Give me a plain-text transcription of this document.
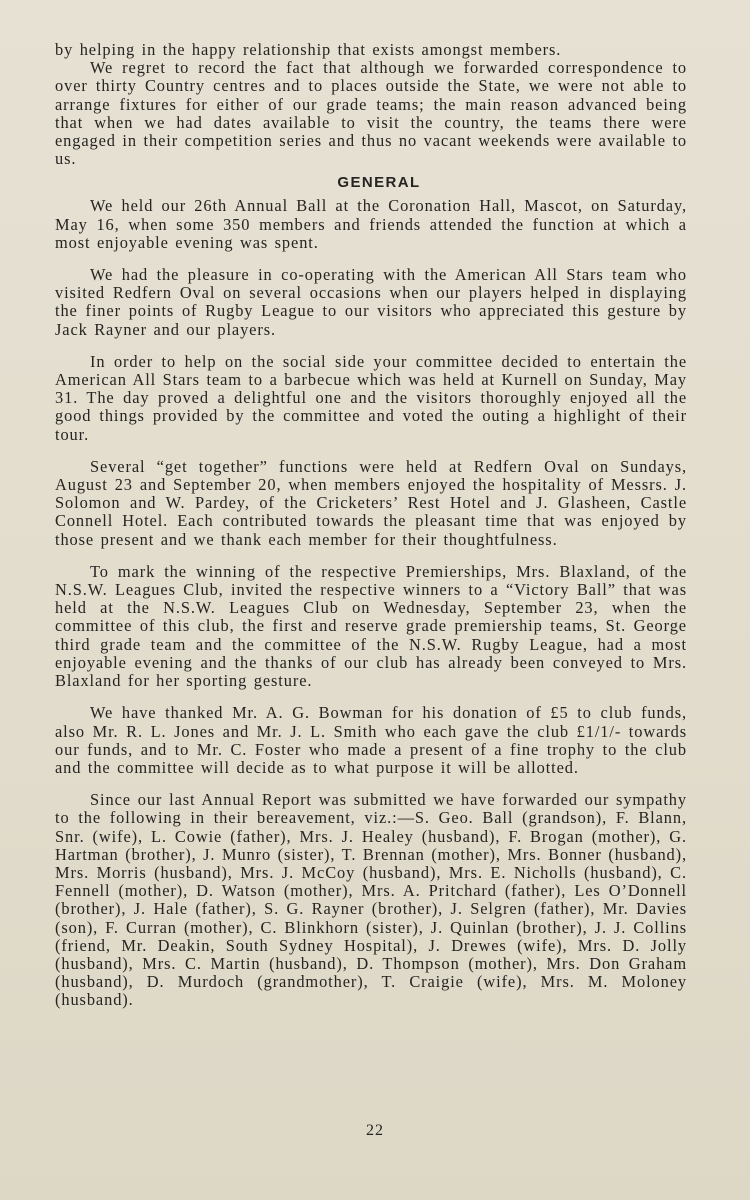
by helping in the happy relationship that exists amongst members.

We regret to record the fact that although we forwarded correspondence to over thirty Country centres and to places outside the State, we were not able to arrange fixtures for either of our grade teams; the main reason advanced being that when we had dates available to visit the country, the teams there were engaged in their competition series and thus no vacant weekends were available to us.

GENERAL

We held our 26th Annual Ball at the Coronation Hall, Mascot, on Saturday, May 16, when some 350 members and friends attended the function at which a most enjoyable evening was spent.

We had the pleasure in co-operating with the American All Stars team who visited Redfern Oval on several occasions when our players helped in displaying the finer points of Rugby League to our visitors who appreciated this gesture by Jack Rayner and our players.

In order to help on the social side your committee decided to entertain the American All Stars team to a barbecue which was held at Kurnell on Sunday, May 31. The day proved a delightful one and the visitors thoroughly enjoyed all the good things provided by the committee and voted the outing a highlight of their tour.

Several “get together” functions were held at Redfern Oval on Sundays, August 23 and September 20, when members enjoyed the hospitality of Messrs. J. Solomon and W. Pardey, of the Cricketers’ Rest Hotel and J. Glasheen, Castle Connell Hotel. Each contributed towards the pleasant time that was enjoyed by those present and we thank each member for their thoughtfulness.

To mark the winning of the respective Premierships, Mrs. Blaxland, of the N.S.W. Leagues Club, invited the respective winners to a “Victory Ball” that was held at the N.S.W. Leagues Club on Wednesday, September 23, when the committee of this club, the first and reserve grade premiership teams, St. George third grade team and the committee of the N.S.W. Rugby League, had a most enjoyable evening and the thanks of our club has already been conveyed to Mrs. Blaxland for her sporting gesture.

We have thanked Mr. A. G. Bowman for his donation of £5 to club funds, also Mr. R. L. Jones and Mr. J. L. Smith who each gave the club £1/1/- towards our funds, and to Mr. C. Foster who made a present of a fine trophy to the club and the committee will decide as to what purpose it will be allotted.

Since our last Annual Report was submitted we have forwarded our sympathy to the following in their bereavement, viz.:—S. Geo. Ball (grandson), F. Blann, Snr. (wife), L. Cowie (father), Mrs. J. Healey (husband), F. Brogan (mother), G. Hartman (brother), J. Munro (sister), T. Brennan (mother), Mrs. Bonner (husband), Mrs. Morris (husband), Mrs. J. McCoy (husband), Mrs. E. Nicholls (husband), C. Fennell (mother), D. Watson (mother), Mrs. A. Pritchard (father), Les O’Donnell (brother), J. Hale (father), S. G. Rayner (brother), J. Selgren (father), Mr. Davies (son), F. Curran (mother), C. Blinkhorn (sister), J. Quinlan (brother), J. J. Collins (friend, Mr. Deakin, South Sydney Hospital), J. Drewes (wife), Mrs. D. Jolly (husband), Mrs. C. Martin (husband), D. Thompson (mother), Mrs. Don Graham (husband), D. Murdoch (grandmother), T. Craigie (wife), Mrs. M. Moloney (husband).

22
